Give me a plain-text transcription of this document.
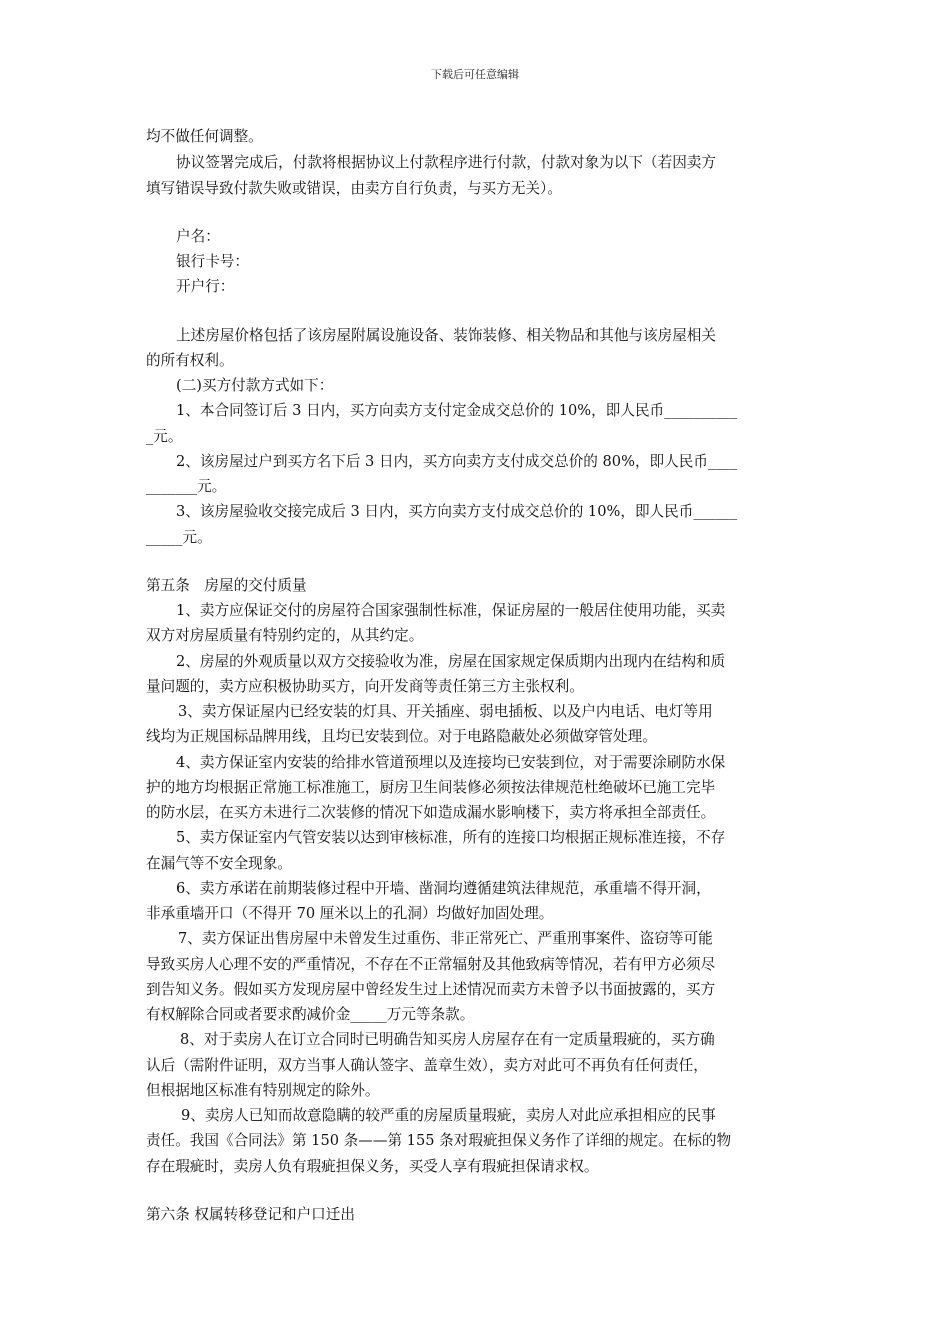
下载后可任意编辑
均不做任何调整。
协议签署完成后，付款将根据协议上付款程序进行付款，付款对象为以下（若因卖方
填写错误导致付款失败或错误，由卖方自行负责，与买方无关）。
户名：
银行卡号：
开户行：
上述房屋价格包括了该房屋附属设施设备、装饰装修、相关物品和其他与该房屋相关
的所有权利。
(二)买方付款方式如下：
1、本合同签订后 3 日内，买方向卖方支付定金成交总价的 10%，即人民币__________
_元。
2、该房屋过户到买方名下后 3 日内，买方向卖方支付成交总价的 80%，即人民币____
_______元。
3、该房屋验收交接完成后 3 日内，买方向卖方支付成交总价的 10%，即人民币______
_____元。
第五条　房屋的交付质量
1、卖方应保证交付的房屋符合国家强制性标准，保证房屋的一般居住使用功能，买卖
双方对房屋质量有特别约定的，从其约定。
2、房屋的外观质量以双方交接验收为准，房屋在国家规定保质期内出现内在结构和质
量问题的，卖方应积极协助买方，向开发商等责任第三方主张权利。
3、卖方保证屋内已经安装的灯具、开关插座、弱电插板、以及户内电话、电灯等用
线均为正规国标品牌用线，且均已安装到位。对于电路隐蔽处必须做穿管处理。
4、卖方保证室内安装的给排水管道预埋以及连接均已安装到位，对于需要涂刷防水保
护的地方均根据正常施工标准施工，厨房卫生间装修必须按法律规范杜绝破坏已施工完毕
的防水层，在买方未进行二次装修的情况下如造成漏水影响楼下，卖方将承担全部责任。
5、卖方保证室内气管安装以达到审核标准，所有的连接口均根据正规标准连接，不存
在漏气等不安全现象。
6、卖方承诺在前期装修过程中开墙、凿洞均遵循建筑法律规范，承重墙不得开洞，
非承重墙开口（不得开 70 厘米以上的孔洞）均做好加固处理。
7、卖方保证出售房屋中未曾发生过重伤、非正常死亡、严重刑事案件、盗窃等可能
导致买房人心理不安的严重情况，不存在不正常辐射及其他致病等情况，若有甲方必须尽
到告知义务。假如买方发现房屋中曾经发生过上述情况而卖方未曾予以书面披露的，买方
有权解除合同或者要求酌减价金_____万元等条款。
8、对于卖房人在订立合同时已明确告知买房人房屋存在有一定质量瑕疵的，买方确
认后（需附件证明，双方当事人确认签字、盖章生效），卖方对此可不再负有任何责任，
但根据地区标准有特别规定的除外。
9、卖房人已知而故意隐瞒的较严重的房屋质量瑕疵，卖房人对此应承担相应的民事
责任。我国《合同法》第 150 条——第 155 条对瑕疵担保义务作了详细的规定。在标的物
存在瑕疵时，卖房人负有瑕疵担保义务，买受人享有瑕疵担保请求权。
第六条 权属转移登记和户口迁出
